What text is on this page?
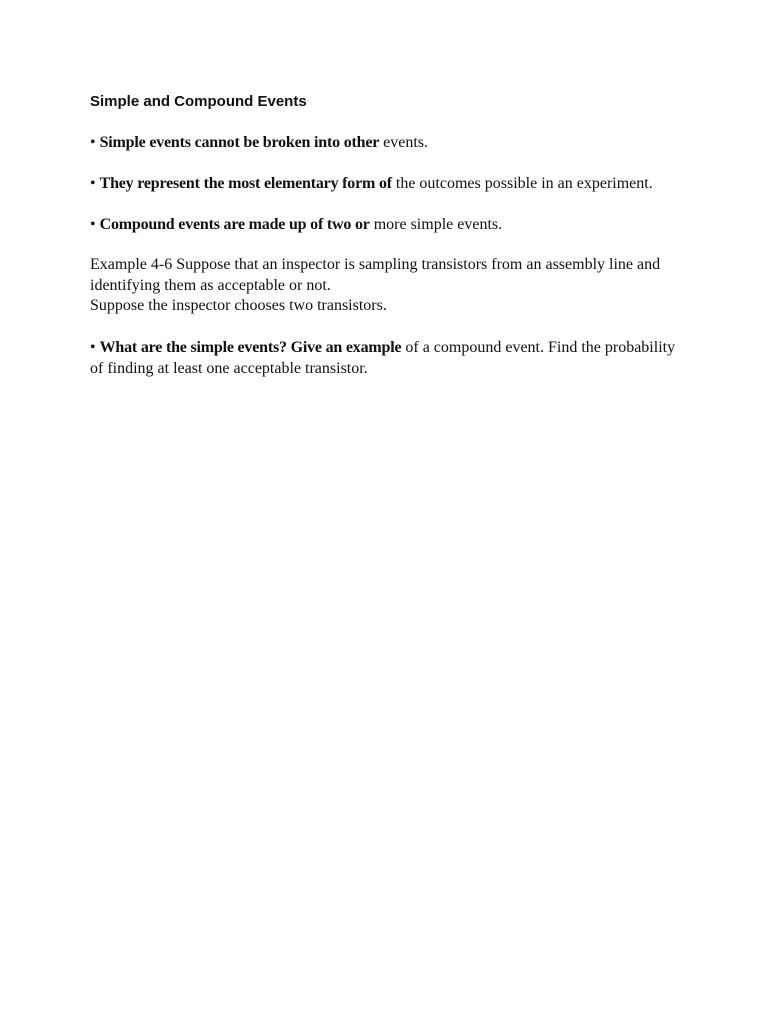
Simple and Compound Events

• Simple events cannot be broken into other events.

• They represent the most elementary form of the outcomes possible in an experiment.

• Compound events are made up of two or more simple events.

Example 4-6 Suppose that an inspector is sampling transistors from an assembly line and identifying them as acceptable or not.
Suppose the inspector chooses two transistors.

• What are the simple events? Give an example of a compound event. Find the probability of finding at least one acceptable transistor.
